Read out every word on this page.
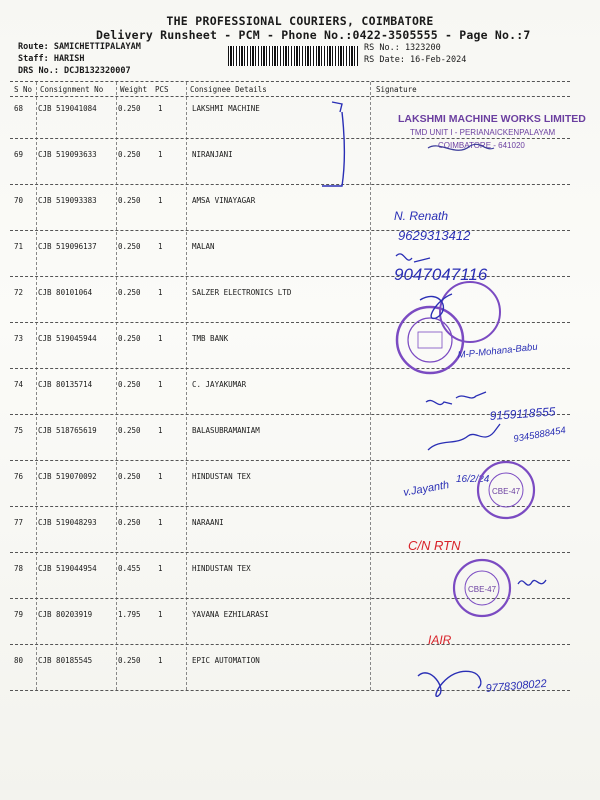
THE PROFESSIONAL COURIERS, COIMBATORE
Delivery Runsheet - PCM - Phone No.:0422-3505555 - Page No.:7
Route: SAMICHETTIPALAYAM
Staff: HARISH
DRS No.: DCJB132320007
RS No.: 1323200
RS Date: 16-Feb-2024
S No Consignment No Weight PCS	Consignee Details	Signature
68 CJB 519041084	0.250 1	LAKSHMI MACHINE
69 CJB 519093633	0.250 1	NIRANJANI
70 CJB 519093383	0.250 1	AMSA VINAYAGAR
71 CJB 519096137	0.250 1	MALAN
72 CJB 80101064	0.250 1	SALZER ELECTRONICS LTD
73 CJB 519045944	0.250 1	TMB BANK
74 CJB 80135714	0.250 1	C. JAYAKUMAR
75 CJB 518765619	0.250 1	BALASUBRAMANIAM
76 CJB 519070092	0.250 1	HINDUSTAN TEX
77 CJB 519048293	0.250 1	NARAANI
78 CJB 519044954	0.455 1	HINDUSTAN TEX
79 CJB 80203919	1.795 1	YAVANA EZHILARASI
80 CJB 80185545	0.250 1	EPIC AUTOMATION
LAKSHMI MACHINE WORKS LIMITED
TMD UNIT I - PERIANAICKENPALAYAM
COIMBATORE - 641020
N. Renath
9629313412
9047047116
M-P-Mohana-Babu
9159118555
9345888454
v.Jayanth 16/2/24
CBE-47
C/N RTN
CBE-47
IAIR
9778308022
